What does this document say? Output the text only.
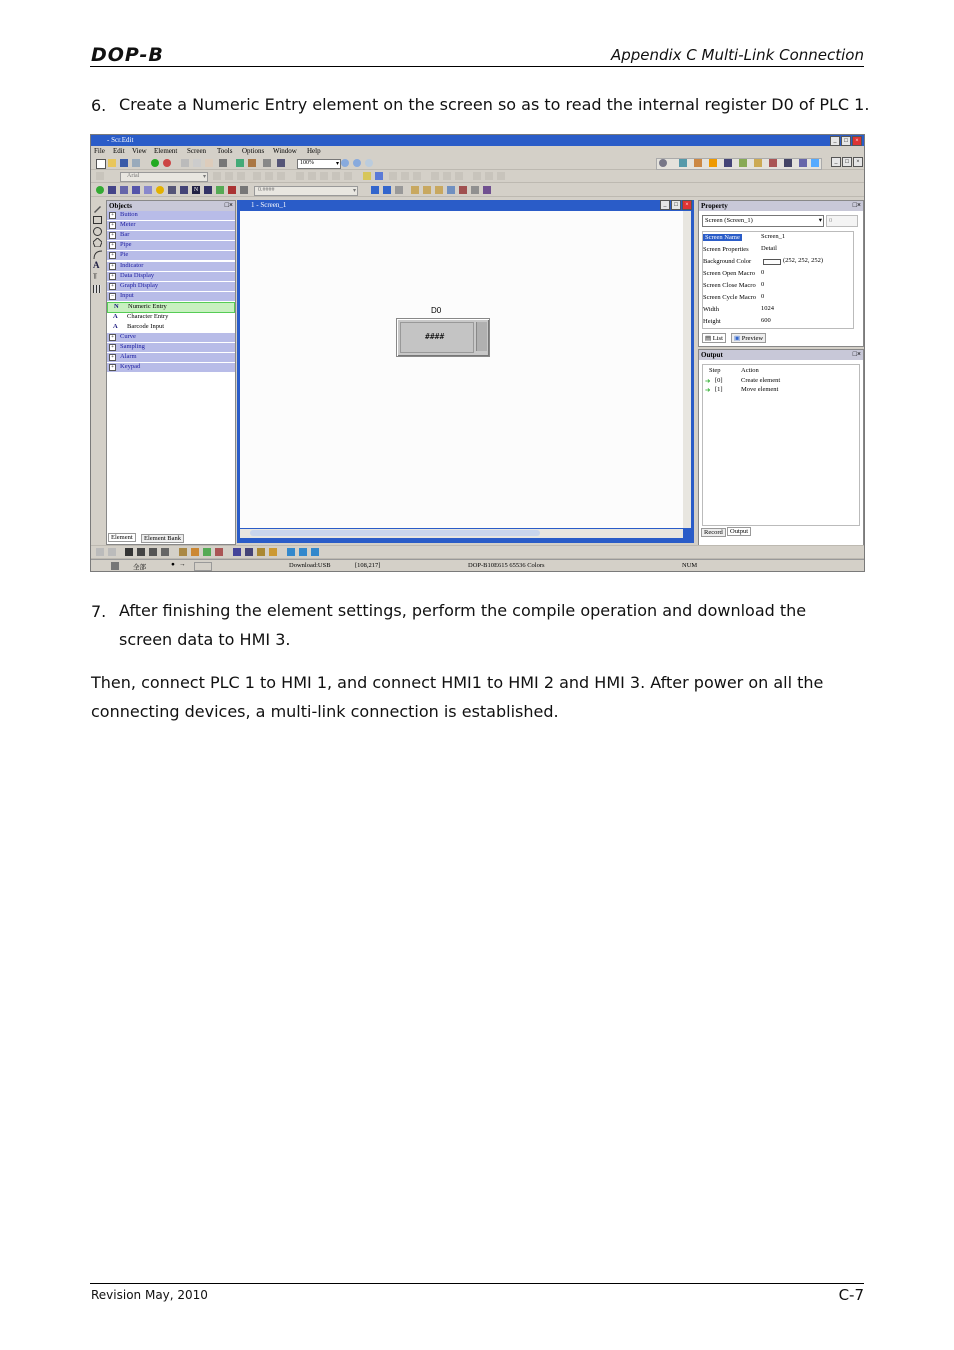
DOP-B	Appendix C Multi-Link Connection
6. Create a Numeric Entry element on the screen so as to read the internal register D0 of PLC 1.
- Scr.Edit	_ □ ×
File Edit View Element Screen Tools Options Window Help
100%	▾	_ □ ×
Arial	▾
N	0.####	▾
A
⫪
Objects	□×
+ Button
+ Meter
+ Bar
+ Pipe
+ Pie
+ Indicator
+ Data Display
+ Graph Display
− Input
N Numeric Entry
A Character Entry
A Barcode Input
+ Curve
+ Sampling
+ Alarm
+ Keypad
Element	Element Bank
1 - Screen_1	_ □ ×
D0
####
Property	□×
Screen (Screen_1)	▾ 0
Screen Name	Screen_1
Screen Properties Detail
Background Color	(252, 252, 252)
Screen Open Macro 0
Screen Close Macro 0
Screen Cycle Macro 0
Width	1024
Height	600
▤ List	▣ Preview
Output	□×
Step	Action
➔ [0]	Create element
➔ [1]	Move element
Record	Output
全部	● →	Download:USB	[108,217]	DOP-B10E615 65536 Colors	NUM
7. After finishing the element settings, perform the compile operation and download the
screen data to HMI 3.
Then, connect PLC 1 to HMI 1, and connect HMI1 to HMI 2 and HMI 3. After power on all the
connecting devices, a multi-link connection is established.
Revision May, 2010	C-7
